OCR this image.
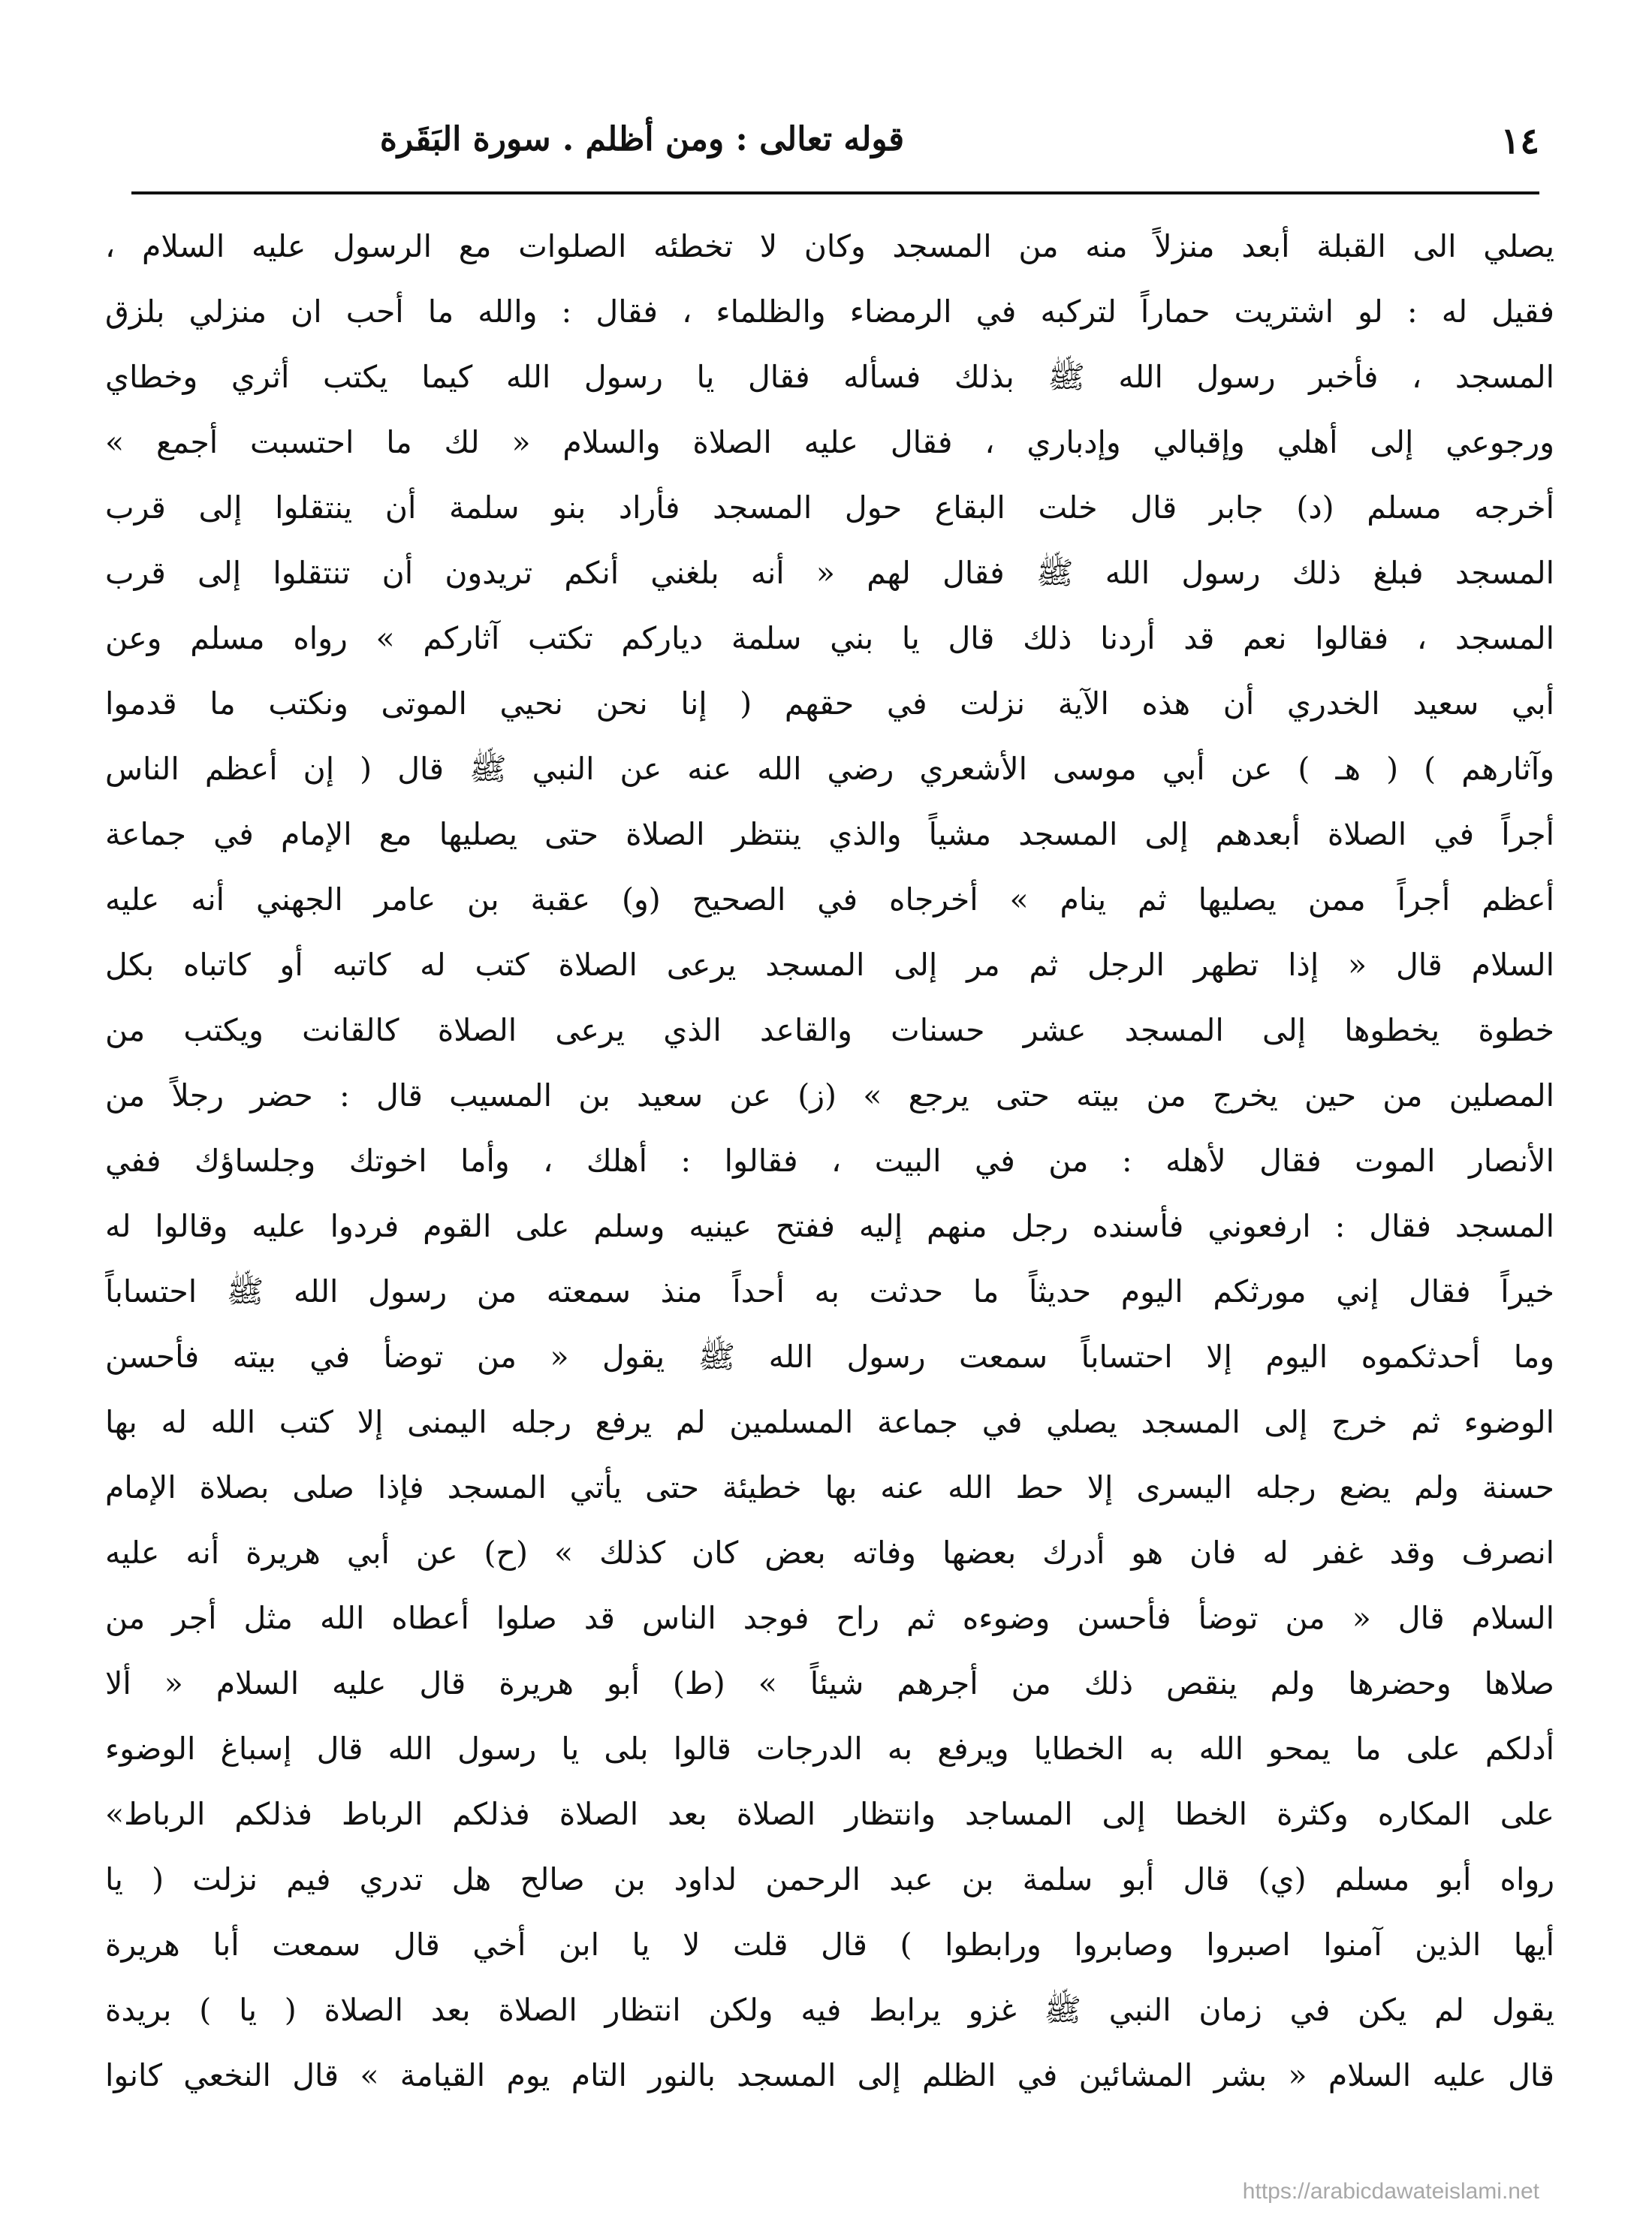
١٤
قوله تعالى : ومن أظلم . سورة البَقَرة
يصلي الى القبلة أبعد منزلاً منه من المسجد وكان لا تخطئه الصلوات مع الرسول عليه السلام ،
فقيل له : لو اشتريت حماراً لتركبه في الرمضاء والظلماء ، فقال : والله ما أحب ان منزلي بلزق
المسجد ، فأخبر رسول الله ﷺ بذلك فسأله فقال يا رسول الله كيما يكتب أثري وخطاي
ورجوعي إلى أهلي وإقبالي وإدباري ، فقال عليه الصلاة والسلام « لك ما احتسبت أجمع »
أخرجه مسلم (د) جابر قال خلت البقاع حول المسجد فأراد بنو سلمة أن ينتقلوا إلى قرب
المسجد فبلغ ذلك رسول الله ﷺ فقال لهم « أنه بلغني أنكم تريدون أن تنتقلوا إلى قرب
المسجد ، فقالوا نعم قد أردنا ذلك قال يا بني سلمة دياركم تكتب آثاركم » رواه مسلم وعن
أبي سعيد الخدري أن هذه الآية نزلت في حقهم ( إنا نحن نحيي الموتى ونكتب ما قدموا
وآثارهم ) ( هـ ) عن أبي موسى الأشعري رضي الله عنه عن النبي ﷺ قال ( إن أعظم الناس
أجراً في الصلاة أبعدهم إلى المسجد مشياً والذي ينتظر الصلاة حتى يصليها مع الإمام في جماعة
أعظم أجراً ممن يصليها ثم ينام » أخرجاه في الصحيح (و) عقبة بن عامر الجهني أنه عليه
السلام قال « إذا تطهر الرجل ثم مر إلى المسجد يرعى الصلاة كتب له كاتبه أو كاتباه بكل
خطوة يخطوها إلى المسجد عشر حسنات والقاعد الذي يرعى الصلاة كالقانت ويكتب من
المصلين من حين يخرج من بيته حتى يرجع » (ز) عن سعيد بن المسيب قال : حضر رجلاً من
الأنصار الموت فقال لأهله : من في البيت ، فقالوا : أهلك ، وأما اخوتك وجلساؤك ففي
المسجد فقال : ارفعوني فأسنده رجل منهم إليه ففتح عينيه وسلم على القوم فردوا عليه وقالوا له
خيراً فقال إني مورثكم اليوم حديثاً ما حدثت به أحداً منذ سمعته من رسول الله ﷺ احتساباً
وما أحدثكموه اليوم إلا احتساباً سمعت رسول الله ﷺ يقول « من توضأ في بيته فأحسن
الوضوء ثم خرج إلى المسجد يصلي في جماعة المسلمين لم يرفع رجله اليمنى إلا كتب الله له بها
حسنة ولم يضع رجله اليسرى إلا حط الله عنه بها خطيئة حتى يأتي المسجد فإذا صلى بصلاة الإمام
انصرف وقد غفر له فان هو أدرك بعضها وفاته بعض كان كذلك » (ح) عن أبي هريرة أنه عليه
السلام قال « من توضأ فأحسن وضوءه ثم راح فوجد الناس قد صلوا أعطاه الله مثل أجر من
صلاها وحضرها ولم ينقص ذلك من أجرهم شيئاً » (ط) أبو هريرة قال عليه السلام « ألا
أدلكم على ما يمحو الله به الخطايا ويرفع به الدرجات قالوا بلى يا رسول الله قال إسباغ الوضوء
على المكاره وكثرة الخطا إلى المساجد وانتظار الصلاة بعد الصلاة فذلكم الرباط فذلكم الرباط»
رواه أبو مسلم (ي) قال أبو سلمة بن عبد الرحمن لداود بن صالح هل تدري فيم نزلت ( يا
أيها الذين آمنوا اصبروا وصابروا ورابطوا ) قال قلت لا يا ابن أخي قال سمعت أبا هريرة
يقول لم يكن في زمان النبي ﷺ غزو يرابط فيه ولكن انتظار الصلاة بعد الصلاة ( يا ) بريدة
قال عليه السلام « بشر المشائين في الظلم إلى المسجد بالنور التام يوم القيامة » قال النخعي كانوا
https://arabicdawateislami.net
